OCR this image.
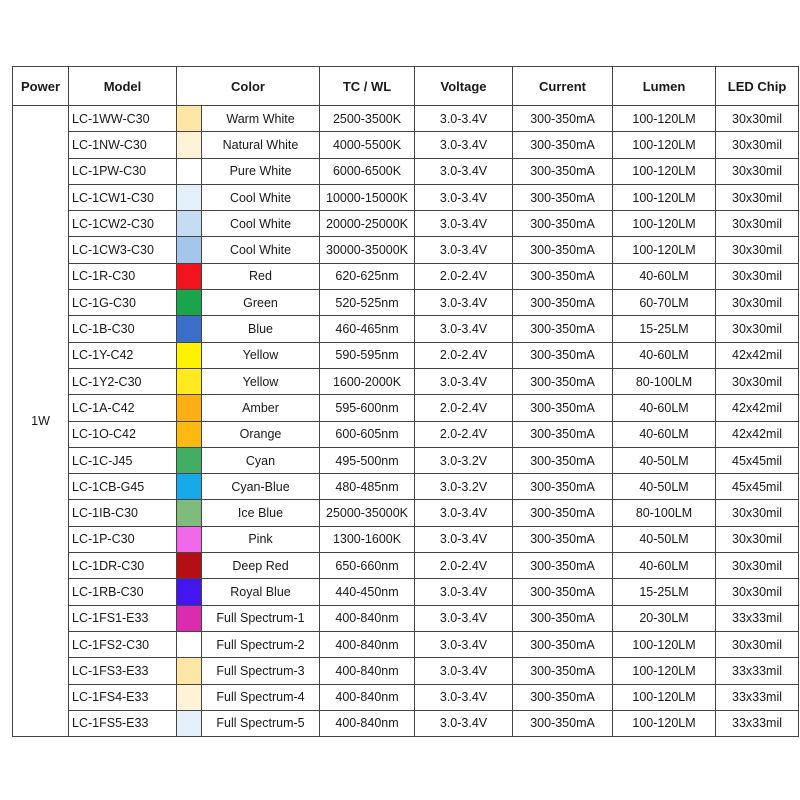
Power	Model	Color		TC / WL	Voltage	Current	Lumen	LED Chip
1W	LC-1WW-C30		Warm White	2500-3500K	3.0-3.4V	300-350mA	100-120LM	30x30mil
	LC-1NW-C30		Natural White	4000-5500K	3.0-3.4V	300-350mA	100-120LM	30x30mil
	LC-1PW-C30		Pure White	6000-6500K	3.0-3.4V	300-350mA	100-120LM	30x30mil
	LC-1CW1-C30		Cool White	10000-15000K	3.0-3.4V	300-350mA	100-120LM	30x30mil
	LC-1CW2-C30		Cool White	20000-25000K	3.0-3.4V	300-350mA	100-120LM	30x30mil
	LC-1CW3-C30		Cool White	30000-35000K	3.0-3.4V	300-350mA	100-120LM	30x30mil
	LC-1R-C30		Red	620-625nm	2.0-2.4V	300-350mA	40-60LM	30x30mil
	LC-1G-C30		Green	520-525nm	3.0-3.4V	300-350mA	60-70LM	30x30mil
	LC-1B-C30		Blue	460-465nm	3.0-3.4V	300-350mA	15-25LM	30x30mil
	LC-1Y-C42		Yellow	590-595nm	2.0-2.4V	300-350mA	40-60LM	42x42mil
	LC-1Y2-C30		Yellow	1600-2000K	3.0-3.4V	300-350mA	80-100LM	30x30mil
	LC-1A-C42		Amber	595-600nm	2.0-2.4V	300-350mA	40-60LM	42x42mil
	LC-1O-C42		Orange	600-605nm	2.0-2.4V	300-350mA	40-60LM	42x42mil
	LC-1C-J45		Cyan	495-500nm	3.0-3.2V	300-350mA	40-50LM	45x45mil
	LC-1CB-G45		Cyan-Blue	480-485nm	3.0-3.2V	300-350mA	40-50LM	45x45mil
	LC-1IB-C30		Ice Blue	25000-35000K	3.0-3.4V	300-350mA	80-100LM	30x30mil
	LC-1P-C30		Pink	1300-1600K	3.0-3.4V	300-350mA	40-50LM	30x30mil
	LC-1DR-C30		Deep Red	650-660nm	2.0-2.4V	300-350mA	40-60LM	30x30mil
	LC-1RB-C30		Royal Blue	440-450nm	3.0-3.4V	300-350mA	15-25LM	30x30mil
	LC-1FS1-E33		Full Spectrum-1	400-840nm	3.0-3.4V	300-350mA	20-30LM	33x33mil
	LC-1FS2-C30		Full Spectrum-2	400-840nm	3.0-3.4V	300-350mA	100-120LM	30x30mil
	LC-1FS3-E33		Full Spectrum-3	400-840nm	3.0-3.4V	300-350mA	100-120LM	33x33mil
	LC-1FS4-E33		Full Spectrum-4	400-840nm	3.0-3.4V	300-350mA	100-120LM	33x33mil
	LC-1FS5-E33		Full Spectrum-5	400-840nm	3.0-3.4V	300-350mA	100-120LM	33x33mil
